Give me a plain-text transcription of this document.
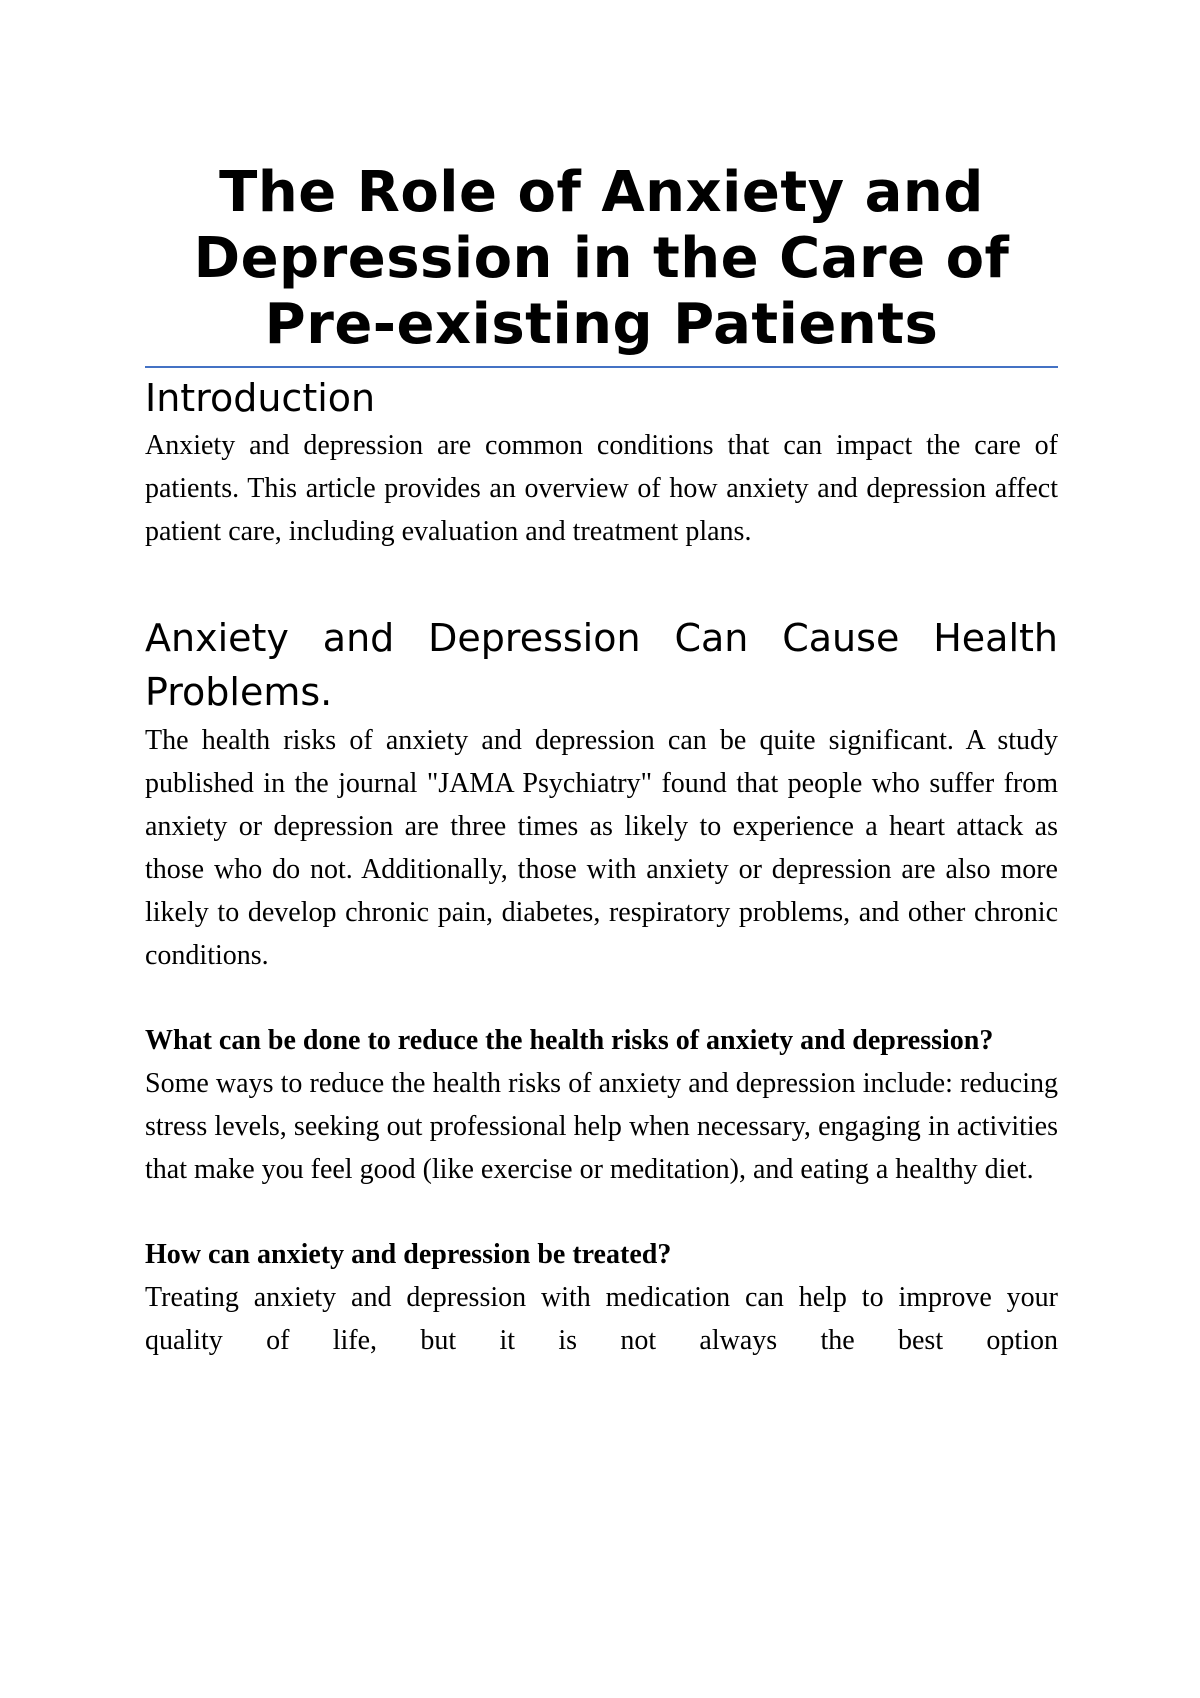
The Role of Anxiety and Depression in the Care of Pre-existing Patients
Introduction

Anxiety and depression are common conditions that can impact the care of patients. This article provides an overview of how anxiety and depression affect patient care, including evaluation and treatment plans.

Anxiety and Depression Can Cause Health Problems.

The health risks of anxiety and depression can be quite significant. A study published in the journal "JAMA Psychiatry" found that people who suffer from anxiety or depression are three times as likely to experience a heart attack as those who do not. Additionally, those with anxiety or depression are also more likely to develop chronic pain, diabetes, respiratory problems, and other chronic conditions.

What can be done to reduce the health risks of anxiety and depression?

Some ways to reduce the health risks of anxiety and depression include: reducing stress levels, seeking out professional help when necessary, engaging in activities that make you feel good (like exercise or meditation), and eating a healthy diet.

How can anxiety and depression be treated?

Treating anxiety and depression with medication can help to improve your quality of life, but it is not always the best option
